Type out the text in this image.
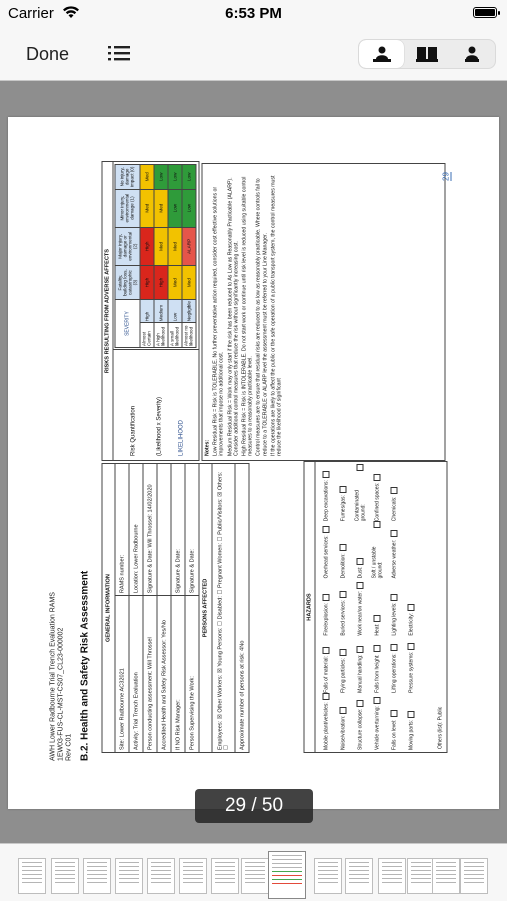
Carrier	6:53 PM
Done
AWH Lower Radbourne Trial Trench Evaluation RAMS 1EW03-FUS-CL-MST-CS07_CL23-000002 Rev C01 B.2. Health and Safety Risk Assessment	GENERAL INFORMATION	
Site: Lower Radbourne AC32021	RAMS number:
Activity: Trial Trench Evaluation	Location: Lower Radbourne
Person conducting assessment: Will Throssel	Signature & Date: Will Throssel: 14/02/2020
Accredited Health and Safety Risk Assessor: Yes/No	
If NO Risk Manager:	Signature & Date:
Person Supervising the Work:	Signature & Date:
PERSONS AFFECTED	
Employees: ☒ Other Workers: ☒ Young Persons: ☐ Disabled: ☐ Pregnant Women: ☐ Public/Visitors: ☒ Others: ☐	
Approximate number of persons at risk: 4No	
HAZARDS
Mobile plant/vehicles:
Falls of material:
Fire/explosion:
Overhead services:
Deep excavations:
Noise/vibration:
Flying particles:
Buried services:
Demolition:
Fumes/gas:
Structure collapse:
Manual handling:
Work near/on water:
Dust:
Contaminated ground:
Vehicle overturning:
Falls from height:
Heat:
Soft / unstable ground:
Confined spaces:
Falls on level:
Lifting operations:
Lighting levels:
Adverse weather:
Chemicals:
Moving parts:
Pressure systems:
Electricity:
Others (list): Public
RISKS RESULTING FROM ADVERSE AFFECTS
Risk Quantification	(Likelihood x Severity)	LIKELIHOOD
SEVERITY		Fatality, building loss, catastrophic (3)	Major injury, damage or environmental (2)	Minor injury, environmental damage (1)	No injury, damage impact (0)
Almost Certain	High	High	High	Med	Med
A high likelihood	Medium	High	Med	Med	Low
A small likelihood	Low	Med	Med	Low	Low
Almost no likelihood	Negligible	Med	ALARP	Low	Low
Notes: Low Residual Risk = Risk is TOLERABLE. No further preventative action required, consider cost effective solutions or improvements that impose no additional cost. Medium Residual Risk = Work may only start if the risk has been reduced to As Low as Reasonably Practicable (ALARP). Consider additional control measures that reduce the risk without significantly increasing cost. High Residual Risk = Risk is INTOLERABLE. Do not start work or continue until risk level is reduced using suitable control measures to a reasonably practicable level. Control measures are to ensure that residual risks are reduced to as low as reasonably practicable. Where controls fail to reduce to a TOLERABLE or ALARP level the assessment must be referred to your Line Manager. If the operations are likely to affect the public or the safe operation of a public transport system, the control measures must reduce the likelihood of significant
29
29 / 50
